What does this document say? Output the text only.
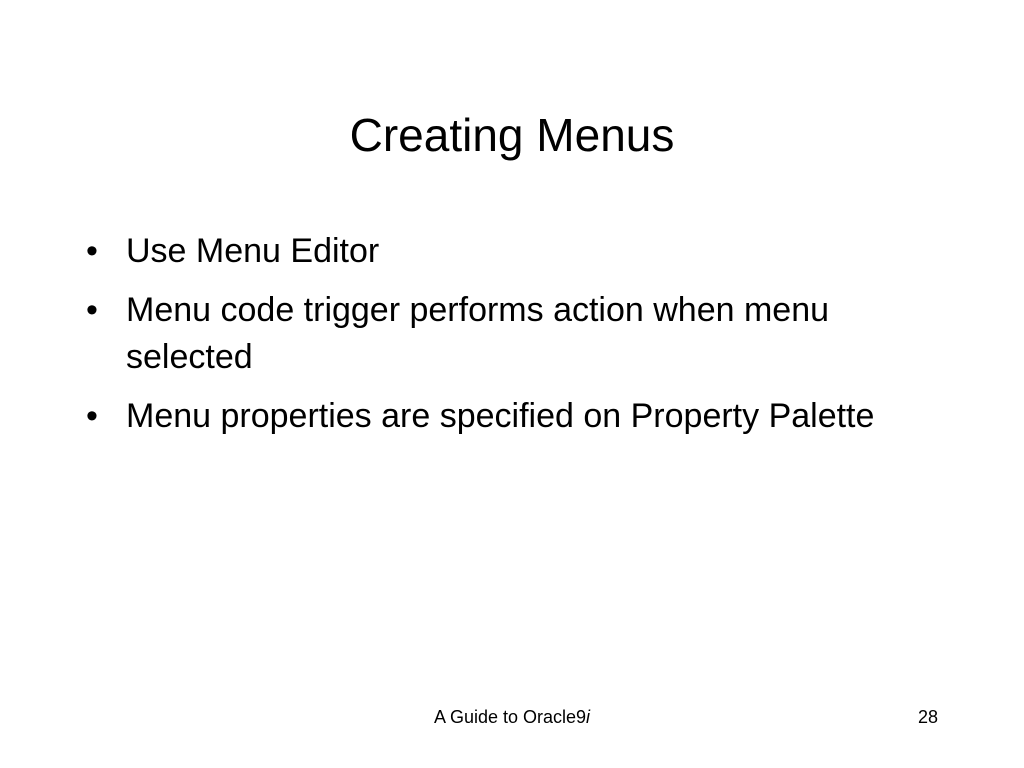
Creating Menus
• Use Menu Editor
• Menu code trigger performs action when menu selected
• Menu properties are specified on Property Palette
A Guide to Oracle9i	28
